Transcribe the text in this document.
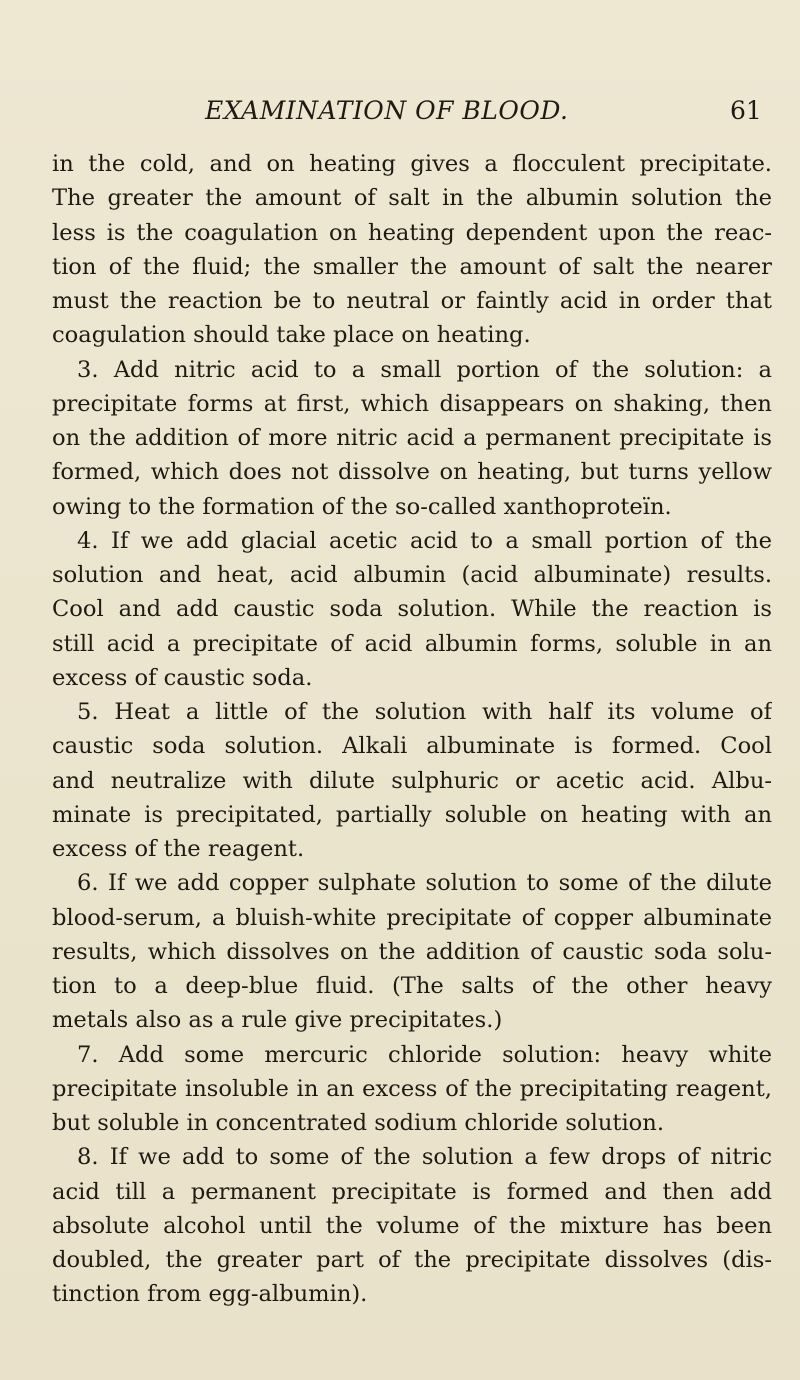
EXAMINATION OF BLOOD.	61
in the cold, and on heating gives a flocculent precipitate.
The greater the amount of salt in the albumin solution the
less is the coagulation on heating dependent upon the reac-
tion of the fluid; the smaller the amount of salt the nearer
must the reaction be to neutral or faintly acid in order that
coagulation should take place on heating.
3. Add nitric acid to a small portion of the solution: a
precipitate forms at first, which disappears on shaking, then
on the addition of more nitric acid a permanent precipitate is
formed, which does not dissolve on heating, but turns yellow
owing to the formation of the so-called xanthoproteïn.
4. If we add glacial acetic acid to a small portion of the
solution and heat, acid albumin (acid albuminate) results.
Cool and add caustic soda solution. While the reaction is
still acid a precipitate of acid albumin forms, soluble in an
excess of caustic soda.
5. Heat a little of the solution with half its volume of
caustic soda solution. Alkali albuminate is formed. Cool
and neutralize with dilute sulphuric or acetic acid. Albu-
minate is precipitated, partially soluble on heating with an
excess of the reagent.
6. If we add copper sulphate solution to some of the dilute
blood-serum, a bluish-white precipitate of copper albuminate
results, which dissolves on the addition of caustic soda solu-
tion to a deep-blue fluid. (The salts of the other heavy
metals also as a rule give precipitates.)
7. Add some mercuric chloride solution: heavy white
precipitate insoluble in an excess of the precipitating reagent,
but soluble in concentrated sodium chloride solution.
8. If we add to some of the solution a few drops of nitric
acid till a permanent precipitate is formed and then add
absolute alcohol until the volume of the mixture has been
doubled, the greater part of the precipitate dissolves (dis-
tinction from egg-albumin).
